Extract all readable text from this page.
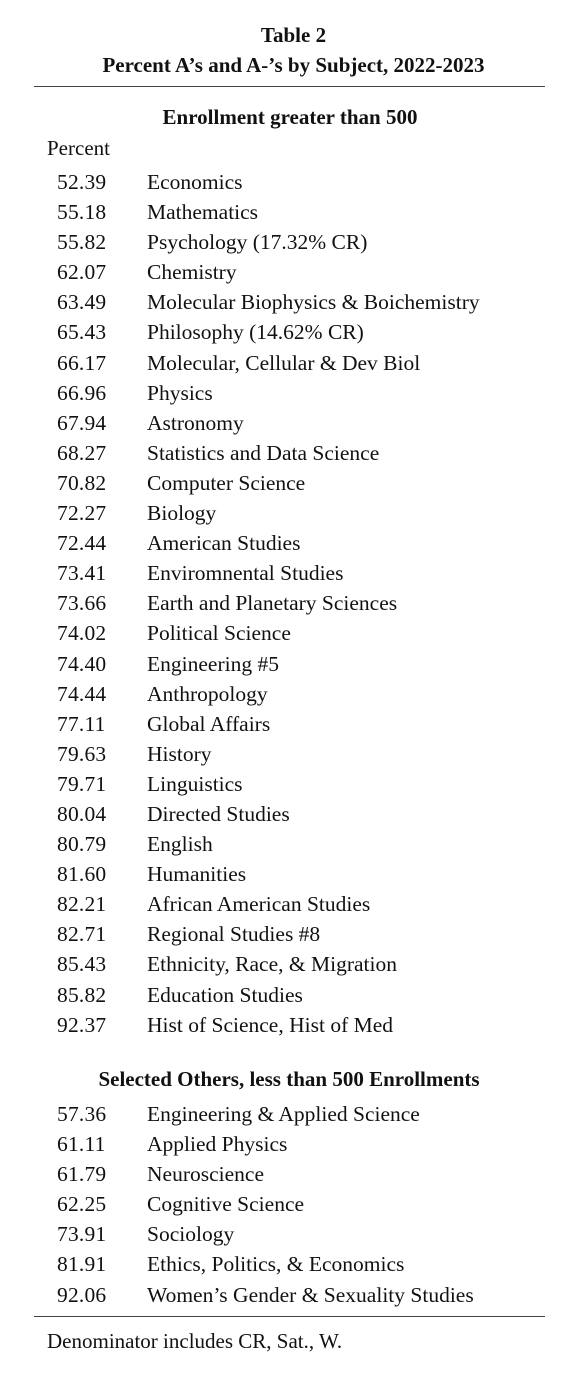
Table 2
Percent A’s and A-’s by Subject, 2022-2023
Enrollment greater than 500
Percent
52.39 Economics
55.18 Mathematics
55.82 Psychology (17.32% CR)
62.07 Chemistry
63.49 Molecular Biophysics & Boichemistry
65.43 Philosophy (14.62% CR)
66.17 Molecular, Cellular & Dev Biol
66.96 Physics
67.94 Astronomy
68.27 Statistics and Data Science
70.82 Computer Science
72.27 Biology
72.44 American Studies
73.41 Enviromnental Studies
73.66 Earth and Planetary Sciences
74.02 Political Science
74.40 Engineering #5
74.44 Anthropology
77.11 Global Affairs
79.63 History
79.71 Linguistics
80.04 Directed Studies
80.79 English
81.60 Humanities
82.21 African American Studies
82.71 Regional Studies #8
85.43 Ethnicity, Race, & Migration
85.82 Education Studies
92.37 Hist of Science, Hist of Med
Selected Others, less than 500 Enrollments
57.36 Engineering & Applied Science
61.11 Applied Physics
61.79 Neuroscience
62.25 Cognitive Science
73.91 Sociology
81.91 Ethics, Politics, & Economics
92.06 Women’s Gender & Sexuality Studies
Denominator includes CR, Sat., W.
